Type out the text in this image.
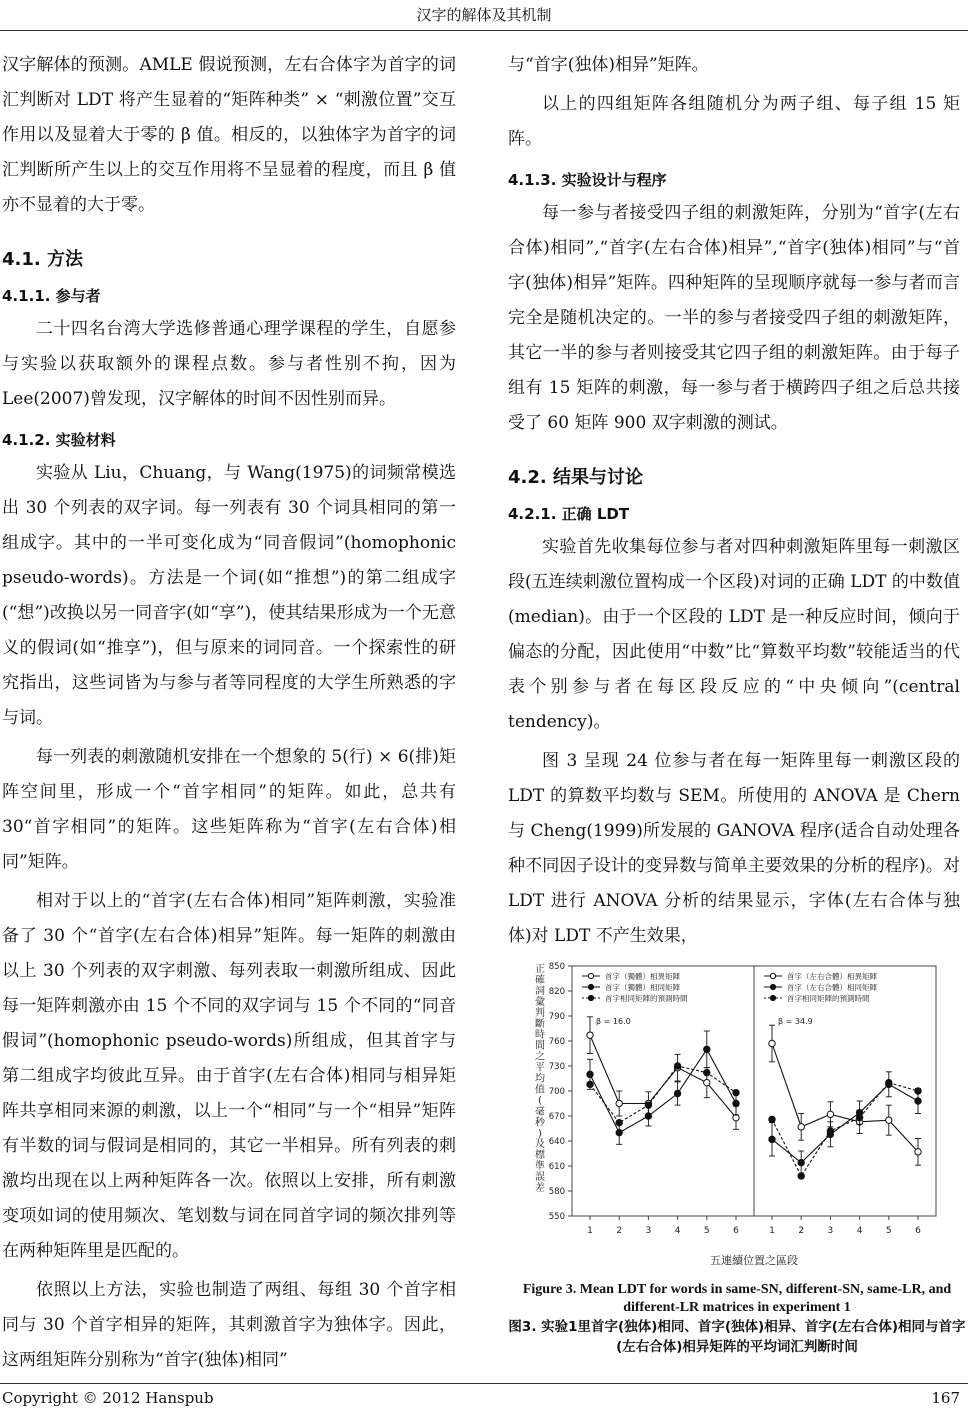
汉字的解体及其机制

汉字解体的预测。AMLE 假说预测，左右合体字为首字的词汇判断对 LDT 将产生显着的“矩阵种类” × “刺激位置”交互作用以及显着大于零的 β 值。相反的，以独体字为首字的词汇判断所产生以上的交互作用将不呈显着的程度，而且 β 值亦不显着的大于零。

4.1. 方法
4.1.1. 参与者

二十四名台湾大学选修普通心理学课程的学生，自愿参与实验以获取额外的课程点数。参与者性别不拘，因为 Lee(2007)曾发现，汉字解体的时间不因性别而异。

4.1.2. 实验材料

实验从 Liu，Chuang，与 Wang(1975)的词频常模选出 30 个列表的双字词。每一列表有 30 个词具相同的第一组成字。其中的一半可变化成为“同音假词”(homophonic pseudo-words)。方法是一个词(如“推想”)的第二组成字(“想”)改换以另一同音字(如“享”)，使其结果形成为一个无意义的假词(如“推享”)，但与原来的词同音。一个探索性的研究指出，这些词皆为与参与者等同程度的大学生所熟悉的字与词。

每一列表的刺激随机安排在一个想象的 5(行) × 6(排)矩阵空间里，形成一个“首字相同”的矩阵。如此，总共有 30“首字相同”的矩阵。这些矩阵称为“首字(左右合体)相同”矩阵。

相对于以上的“首字(左右合体)相同”矩阵刺激，实验准备了 30 个“首字(左右合体)相异”矩阵。每一矩阵的刺激由以上 30 个列表的双字刺激、每列表取一刺激所组成、因此每一矩阵刺激亦由 15 个不同的双字词与 15 个不同的“同音假词”(homophonic pseudo-words)所组成，但其首字与第二组成字均彼此互异。由于首字(左右合体)相同与相异矩阵共享相同来源的刺激，以上一个“相同”与一个“相异”矩阵有半数的词与假词是相同的，其它一半相异。所有列表的刺激均出现在以上两种矩阵各一次。依照以上安排，所有刺激变项如词的使用频次、笔划数与词在同首字词的频次排列等在两种矩阵里是匹配的。

依照以上方法，实验也制造了两组、每组 30 个首字相同与 30 个首字相异的矩阵，其刺激首字为独体字。因此，这两组矩阵分别称为“首字(独体)相同”

与“首字(独体)相异”矩阵。

以上的四组矩阵各组随机分为两子组、每子组 15 矩阵。

4.1.3. 实验设计与程序

每一参与者接受四子组的刺激矩阵，分别为“首字(左右合体)相同”,“首字(左右合体)相异”,“首字(独体)相同”与“首字(独体)相异”矩阵。四种矩阵的呈现顺序就每一参与者而言完全是随机决定的。一半的参与者接受四子组的刺激矩阵，其它一半的参与者则接受其它四子组的刺激矩阵。由于每子组有 15 矩阵的刺激，每一参与者于横跨四子组之后总共接受了 60 矩阵 900 双字刺激的测试。

4.2. 结果与讨论
4.2.1. 正确 LDT

实验首先收集每位参与者对四种刺激矩阵里每一刺激区段(五连续刺激位置构成一个区段)对词的正确 LDT 的中数值(median)。由于一个区段的 LDT 是一种反应时间，倾向于偏态的分配，因此使用“中数”比“算数平均数”较能适当的代表个别参与者在每区段反应的“中央倾向”(central tendency)。

图 3 呈现 24 位参与者在每一矩阵里每一刺激区段的 LDT 的算数平均数与 SEM。所使用的 ANOVA 是 Chern 与 Cheng(1999)所发展的 GANOVA 程序(适合自动处理各种不同因子设计的变异数与简单主要效果的分析的程序)。对 LDT 进行 ANOVA 分析的结果显示，字体(左右合体与独体)对 LDT 不产生效果，

550
580
610
640
670
700
730
760
790
820
850
正確詞彙判斷時間之平均值(毫秒)及標準誤差
五連續位置之區段
1	2	3	4	5	6
首字（獨體）相異矩陣
首字（獨體）相同矩陣
首字相同矩陣的預測時間
β = 16.0
1	2	3	4	5	6
首字（左右合體）相異矩陣
首字（左右合體）相同矩陣
首字相同矩陣的預測時間
β = 34.9
Figure 3. Mean LDT for words in same-SN, different-SN, same-LR, and different-LR matrices in experiment 1
图3. 实验1里首字(独体)相同、首字(独体)相异、首字(左右合体)相同与首字(左右合体)相异矩阵的平均词汇判断时间
Copyright © 2012 Hanspub	167
